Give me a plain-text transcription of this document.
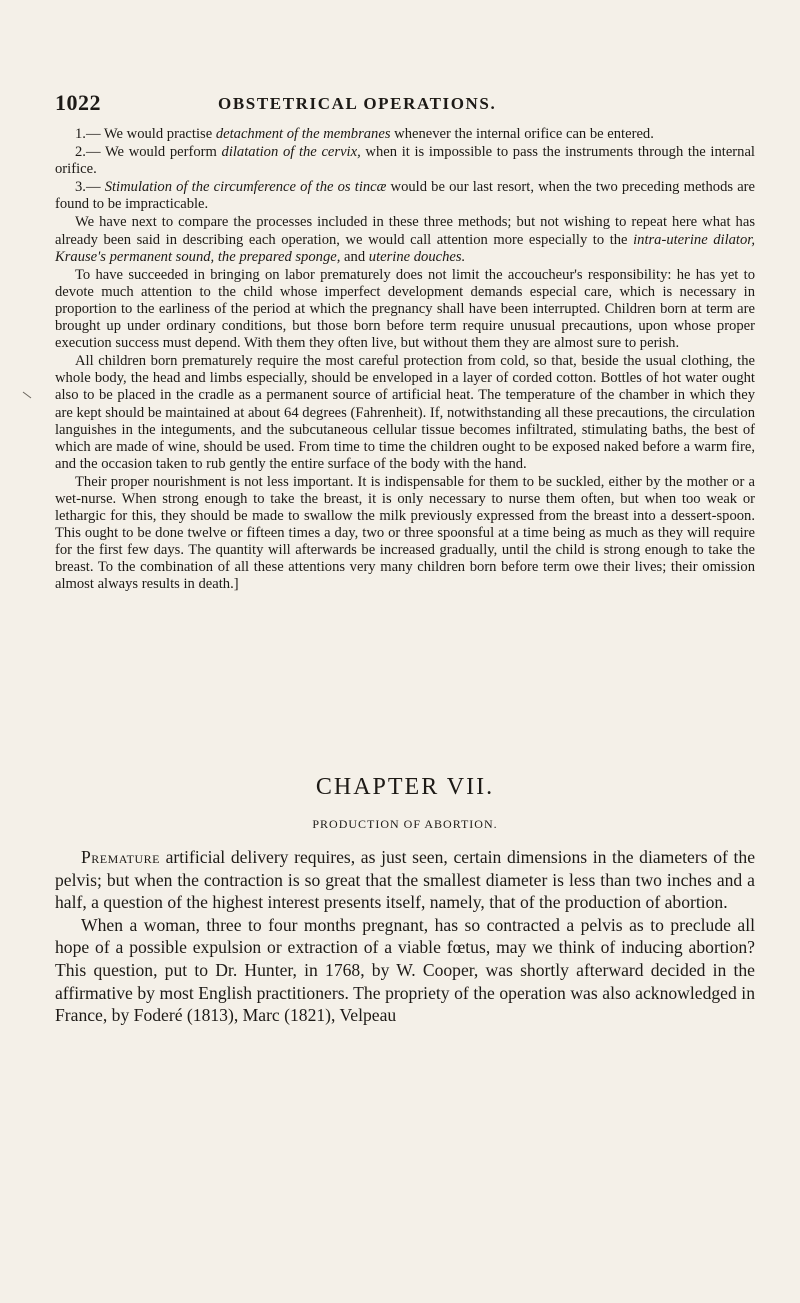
1022	OBSTETRICAL OPERATIONS.

1.— We would practise detachment of the membranes whenever the internal orifice can be entered.

2.— We would perform dilatation of the cervix, when it is impossible to pass the instruments through the internal orifice.

3.— Stimulation of the circumference of the os tincæ would be our last resort, when the two preceding methods are found to be impracticable.

We have next to compare the processes included in these three methods; but not wishing to repeat here what has already been said in describing each operation, we would call attention more especially to the intra-uterine dilator, Krause's permanent sound, the prepared sponge, and uterine douches.

To have succeeded in bringing on labor prematurely does not limit the accoucheur's responsibility: he has yet to devote much attention to the child whose imperfect development demands especial care, which is necessary in proportion to the earliness of the period at which the pregnancy shall have been interrupted. Children born at term are brought up under ordinary conditions, but those born before term require unusual precautions, upon whose proper execution success must depend. With them they often live, but without them they are almost sure to perish.

All children born prematurely require the most careful protection from cold, so that, beside the usual clothing, the whole body, the head and limbs especially, should be enveloped in a layer of corded cotton. Bottles of hot water ought also to be placed in the cradle as a permanent source of artificial heat. The temperature of the chamber in which they are kept should be maintained at about 64 degrees (Fahrenheit). If, notwithstanding all these precautions, the circulation languishes in the integuments, and the subcutaneous cellular tissue becomes infiltrated, stimulating baths, the best of which are made of wine, should be used. From time to time the children ought to be exposed naked before a warm fire, and the occasion taken to rub gently the entire surface of the body with the hand.

Their proper nourishment is not less important. It is indispensable for them to be suckled, either by the mother or a wet-nurse. When strong enough to take the breast, it is only necessary to nurse them often, but when too weak or lethargic for this, they should be made to swallow the milk previously expressed from the breast into a dessert-spoon. This ought to be done twelve or fifteen times a day, two or three spoonsful at a time being as much as they will require for the first few days. The quantity will afterwards be increased gradually, until the child is strong enough to take the breast. To the combination of all these attentions very many children born before term owe their lives; their omission almost always results in death.]

CHAPTER VII.
PRODUCTION OF ABORTION.

Premature artificial delivery requires, as just seen, certain dimensions in the diameters of the pelvis; but when the contraction is so great that the smallest diameter is less than two inches and a half, a question of the highest interest presents itself, namely, that of the production of abortion.

When a woman, three to four months pregnant, has so contracted a pelvis as to preclude all hope of a possible expulsion or extraction of a viable fœtus, may we think of inducing abortion? This question, put to Dr. Hunter, in 1768, by W. Cooper, was shortly afterward decided in the affirmative by most English practitioners. The propriety of the operation was also acknowledged in France, by Foderé (1813), Marc (1821), Velpeau
